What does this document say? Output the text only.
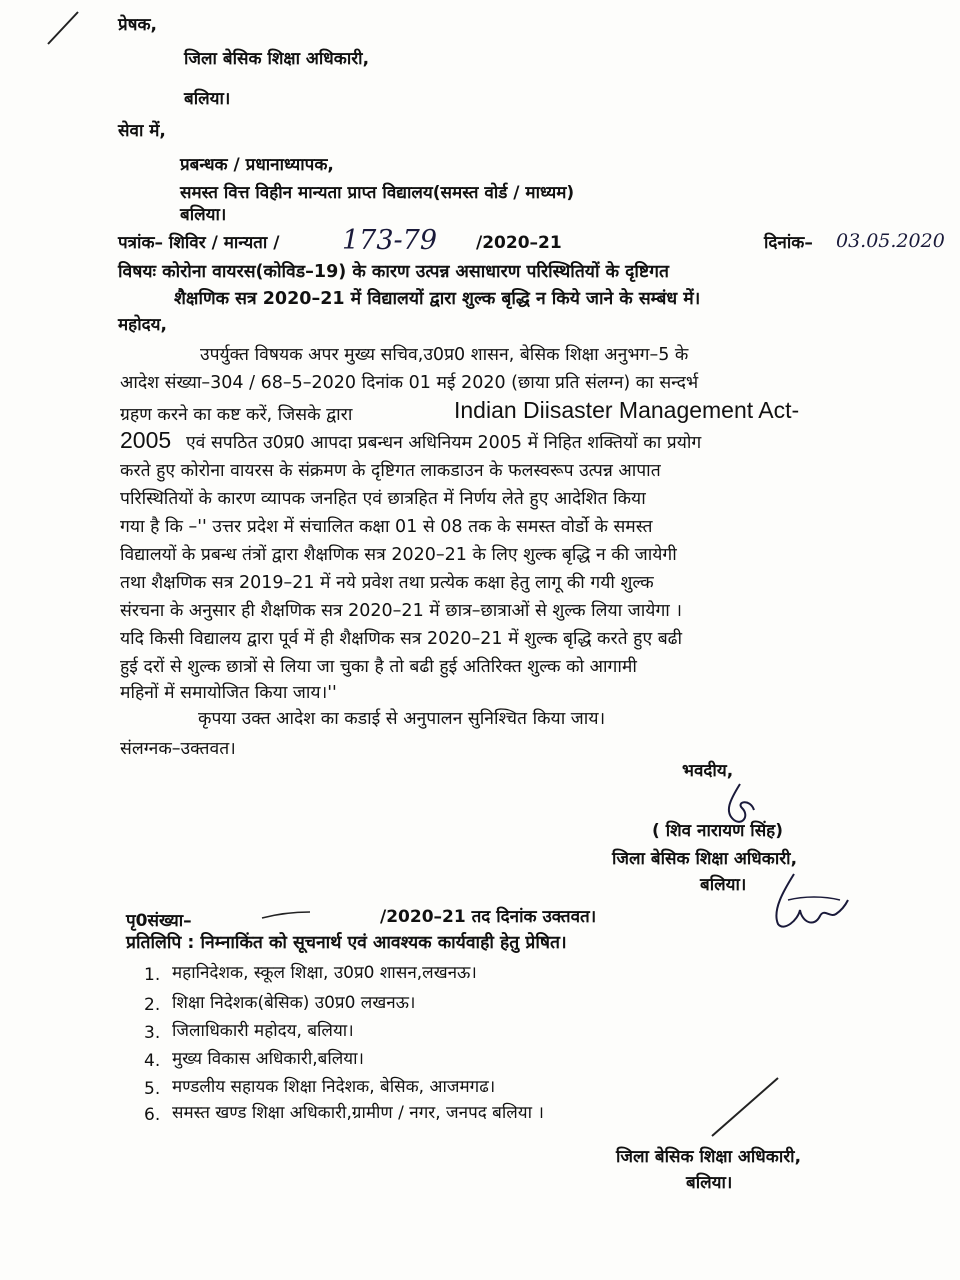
प्रेषक,
जिला बेसिक शिक्षा अधिकारी,
बलिया।
सेवा में,
प्रबन्धक / प्रधानाध्यापक,
समस्त वित्त विहीन मान्यता प्राप्त विद्यालय(समस्त वोर्ड / माध्यम)
बलिया।
पत्रांक– शिविर / मान्यता / 173-79 /2020–21	दिनांक– 03.05.2020
विषयः कोरोना वायरस(कोविड–19) के कारण उत्पन्न असाधारण परिस्थितियों के दृष्टिगत
शैक्षणिक सत्र 2020–21 में विद्यालयों द्वारा शुल्क बृद्धि न किये जाने के सम्बंध में।
महोदय,
उपर्युक्त विषयक अपर मुख्य सचिव,उ0प्र0 शासन, बेसिक शिक्षा अनुभग–5 के
आदेश संख्या–304 / 68–5–2020 दिनांक 01 मई 2020 (छाया प्रति संलग्न) का सन्दर्भ
ग्रहण करने का कष्ट करें, जिसके द्वारा	Indian Diisaster Management Act-
2005 एवं सपठित उ0प्र0 आपदा प्रबन्धन अधिनियम 2005 में निहित शक्तियों का प्रयोग
करते हुए कोरोना वायरस के संक्रमण के दृष्टिगत लाकडाउन के फलस्वरूप उत्पन्न आपात
परिस्थितियों के कारण व्यापक जनहित एवं छात्रहित में निर्णय लेते हुए आदेशित किया
गया है कि –'' उत्तर प्रदेश में संचालित कक्षा 01 से 08 तक के समस्त वोर्डो के समस्त
विद्यालयों के प्रबन्ध तंत्रों द्वारा शैक्षणिक सत्र 2020–21 के लिए शुल्क बृद्धि न की जायेगी
तथा शैक्षणिक सत्र 2019–21 में नये प्रवेश तथा प्रत्येक कक्षा हेतु लागू की गयी शुल्क
संरचना के अनुसार ही शैक्षणिक सत्र 2020–21 में छात्र–छात्राओं से शुल्क लिया जायेगा ।
यदि किसी विद्यालय द्वारा पूर्व में ही शैक्षणिक सत्र 2020–21 में शुल्क बृद्धि करते हुए बढी
हुई दरों से शुल्क छात्रों से लिया जा चुका है तो बढी हुई अतिरिक्त शुल्क को आगामी
महिनों में समायोजित किया जाय।''
कृपया उक्त आदेश का कडाई से अनुपालन सुनिश्चित किया जाय।
संलग्नक–उक्तवत।
भवदीय,
( शिव नारायण सिंह)
जिला बेसिक शिक्षा अधिकारी,
बलिया।
पृ0संख्या–	/2020–21 तद दिनांक उक्तवत।
प्रतिलिपि : निम्नाकिंत को सूचनार्थ एवं आवश्यक कार्यवाही हेतु प्रेषित।
1. महानिदेशक, स्कूल शिक्षा, उ0प्र0 शासन,लखनऊ।
2. शिक्षा निदेशक(बेसिक) उ0प्र0 लखनऊ।
3. जिलाधिकारी महोदय, बलिया।
4. मुख्य विकास अधिकारी,बलिया।
5. मण्डलीय सहायक शिक्षा निदेशक, बेसिक, आजमगढ।
6. समस्त खण्ड शिक्षा अधिकारी,ग्रामीण / नगर, जनपद बलिया ।
जिला बेसिक शिक्षा अधिकारी,
बलिया।
